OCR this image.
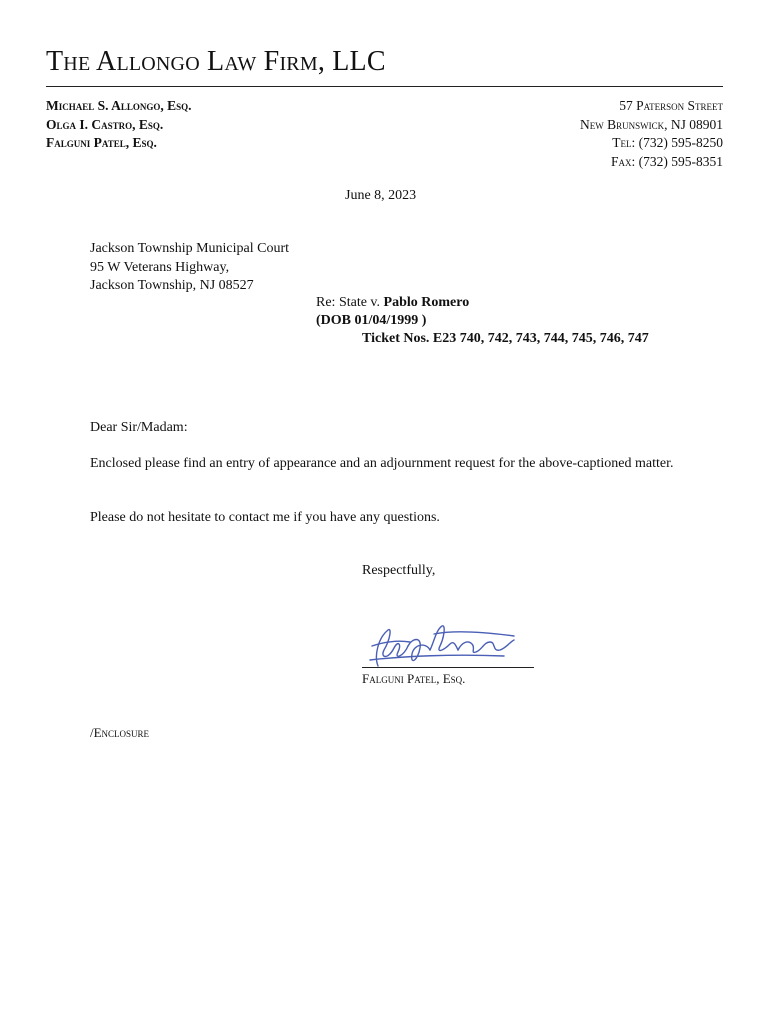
The Allongo Law Firm, LLC
Michael S. Allongo, Esq.
Olga I. Castro, Esq.
Falguni Patel, Esq.
57 Paterson Street
New Brunswick, NJ 08901
Tel: (732) 595-8250
Fax: (732) 595-8351
June 8, 2023
Jackson Township Municipal Court
95 W Veterans Highway,
Jackson Township, NJ 08527
Re: State v. Pablo Romero
(DOB 01/04/1999 )
Ticket Nos. E23 740, 742, 743, 744, 745, 746, 747
Dear Sir/Madam:
Enclosed please find an entry of appearance and an adjournment request for the above-captioned matter.
Please do not hesitate to contact me if you have any questions.
Respectfully,
Falguni Patel, Esq.
/Enclosure
